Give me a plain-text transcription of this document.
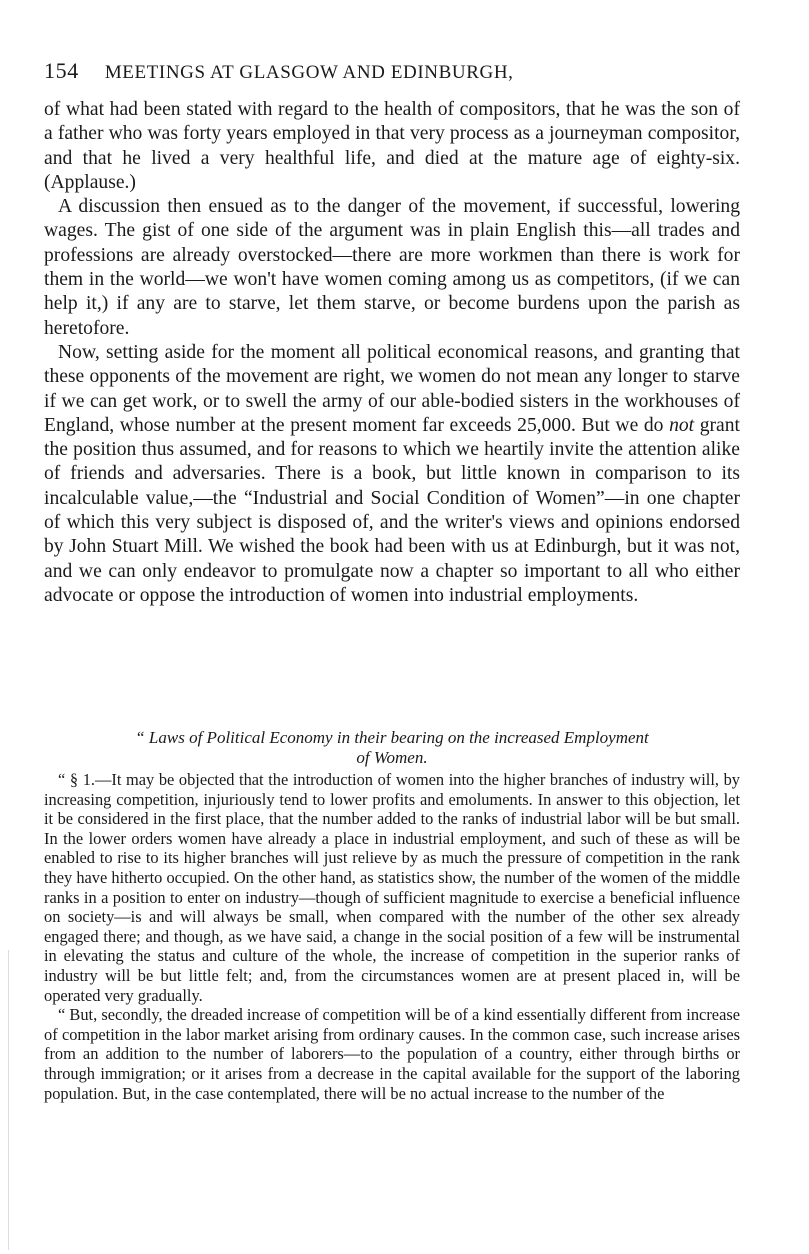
154 MEETINGS AT GLASGOW AND EDINBURGH,

of what had been stated with regard to the health of compositors, that he was the son of a father who was forty years employed in that very process as a journeyman compositor, and that he lived a very healthful life, and died at the mature age of eighty-six. (Applause.)

A discussion then ensued as to the danger of the movement, if successful, lowering wages. The gist of one side of the argument was in plain English this—all trades and professions are already overstocked—there are more workmen than there is work for them in the world—we won't have women coming among us as competitors, (if we can help it,) if any are to starve, let them starve, or become burdens upon the parish as heretofore.

Now, setting aside for the moment all political economical reasons, and granting that these opponents of the movement are right, we women do not mean any longer to starve if we can get work, or to swell the army of our able-bodied sisters in the workhouses of England, whose number at the present moment far exceeds 25,000. But we do not grant the position thus assumed, and for reasons to which we heartily invite the attention alike of friends and adversaries. There is a book, but little known in comparison to its incalculable value,—the “Industrial and Social Condition of Women”—in one chapter of which this very subject is disposed of, and the writer's views and opinions endorsed by John Stuart Mill. We wished the book had been with us at Edinburgh, but it was not, and we can only endeavor to promulgate now a chapter so important to all who either advocate or oppose the introduction of women into industrial employments.

“ Laws of Political Economy in their bearing on the increased Employment
of Women.

“ § 1.—It may be objected that the introduction of women into the higher branches of industry will, by increasing competition, injuriously tend to lower profits and emoluments. In answer to this objection, let it be considered in the first place, that the number added to the ranks of industrial labor will be but small. In the lower orders women have already a place in industrial employment, and such of these as will be enabled to rise to its higher branches will just relieve by as much the pressure of competition in the rank they have hitherto occupied. On the other hand, as statistics show, the number of the women of the middle ranks in a position to enter on industry—though of sufficient magnitude to exercise a beneficial influence on society—is and will always be small, when compared with the number of the other sex already engaged there; and though, as we have said, a change in the social position of a few will be instrumental in elevating the status and culture of the whole, the increase of competition in the superior ranks of industry will be but little felt; and, from the circumstances women are at present placed in, will be operated very gradually.

“ But, secondly, the dreaded increase of competition will be of a kind essentially different from increase of competition in the labor market arising from ordinary causes. In the common case, such increase arises from an addition to the number of laborers—to the population of a country, either through births or through immigration; or it arises from a decrease in the capital available for the support of the laboring population. But, in the case contemplated, there will be no actual increase to the number of the
